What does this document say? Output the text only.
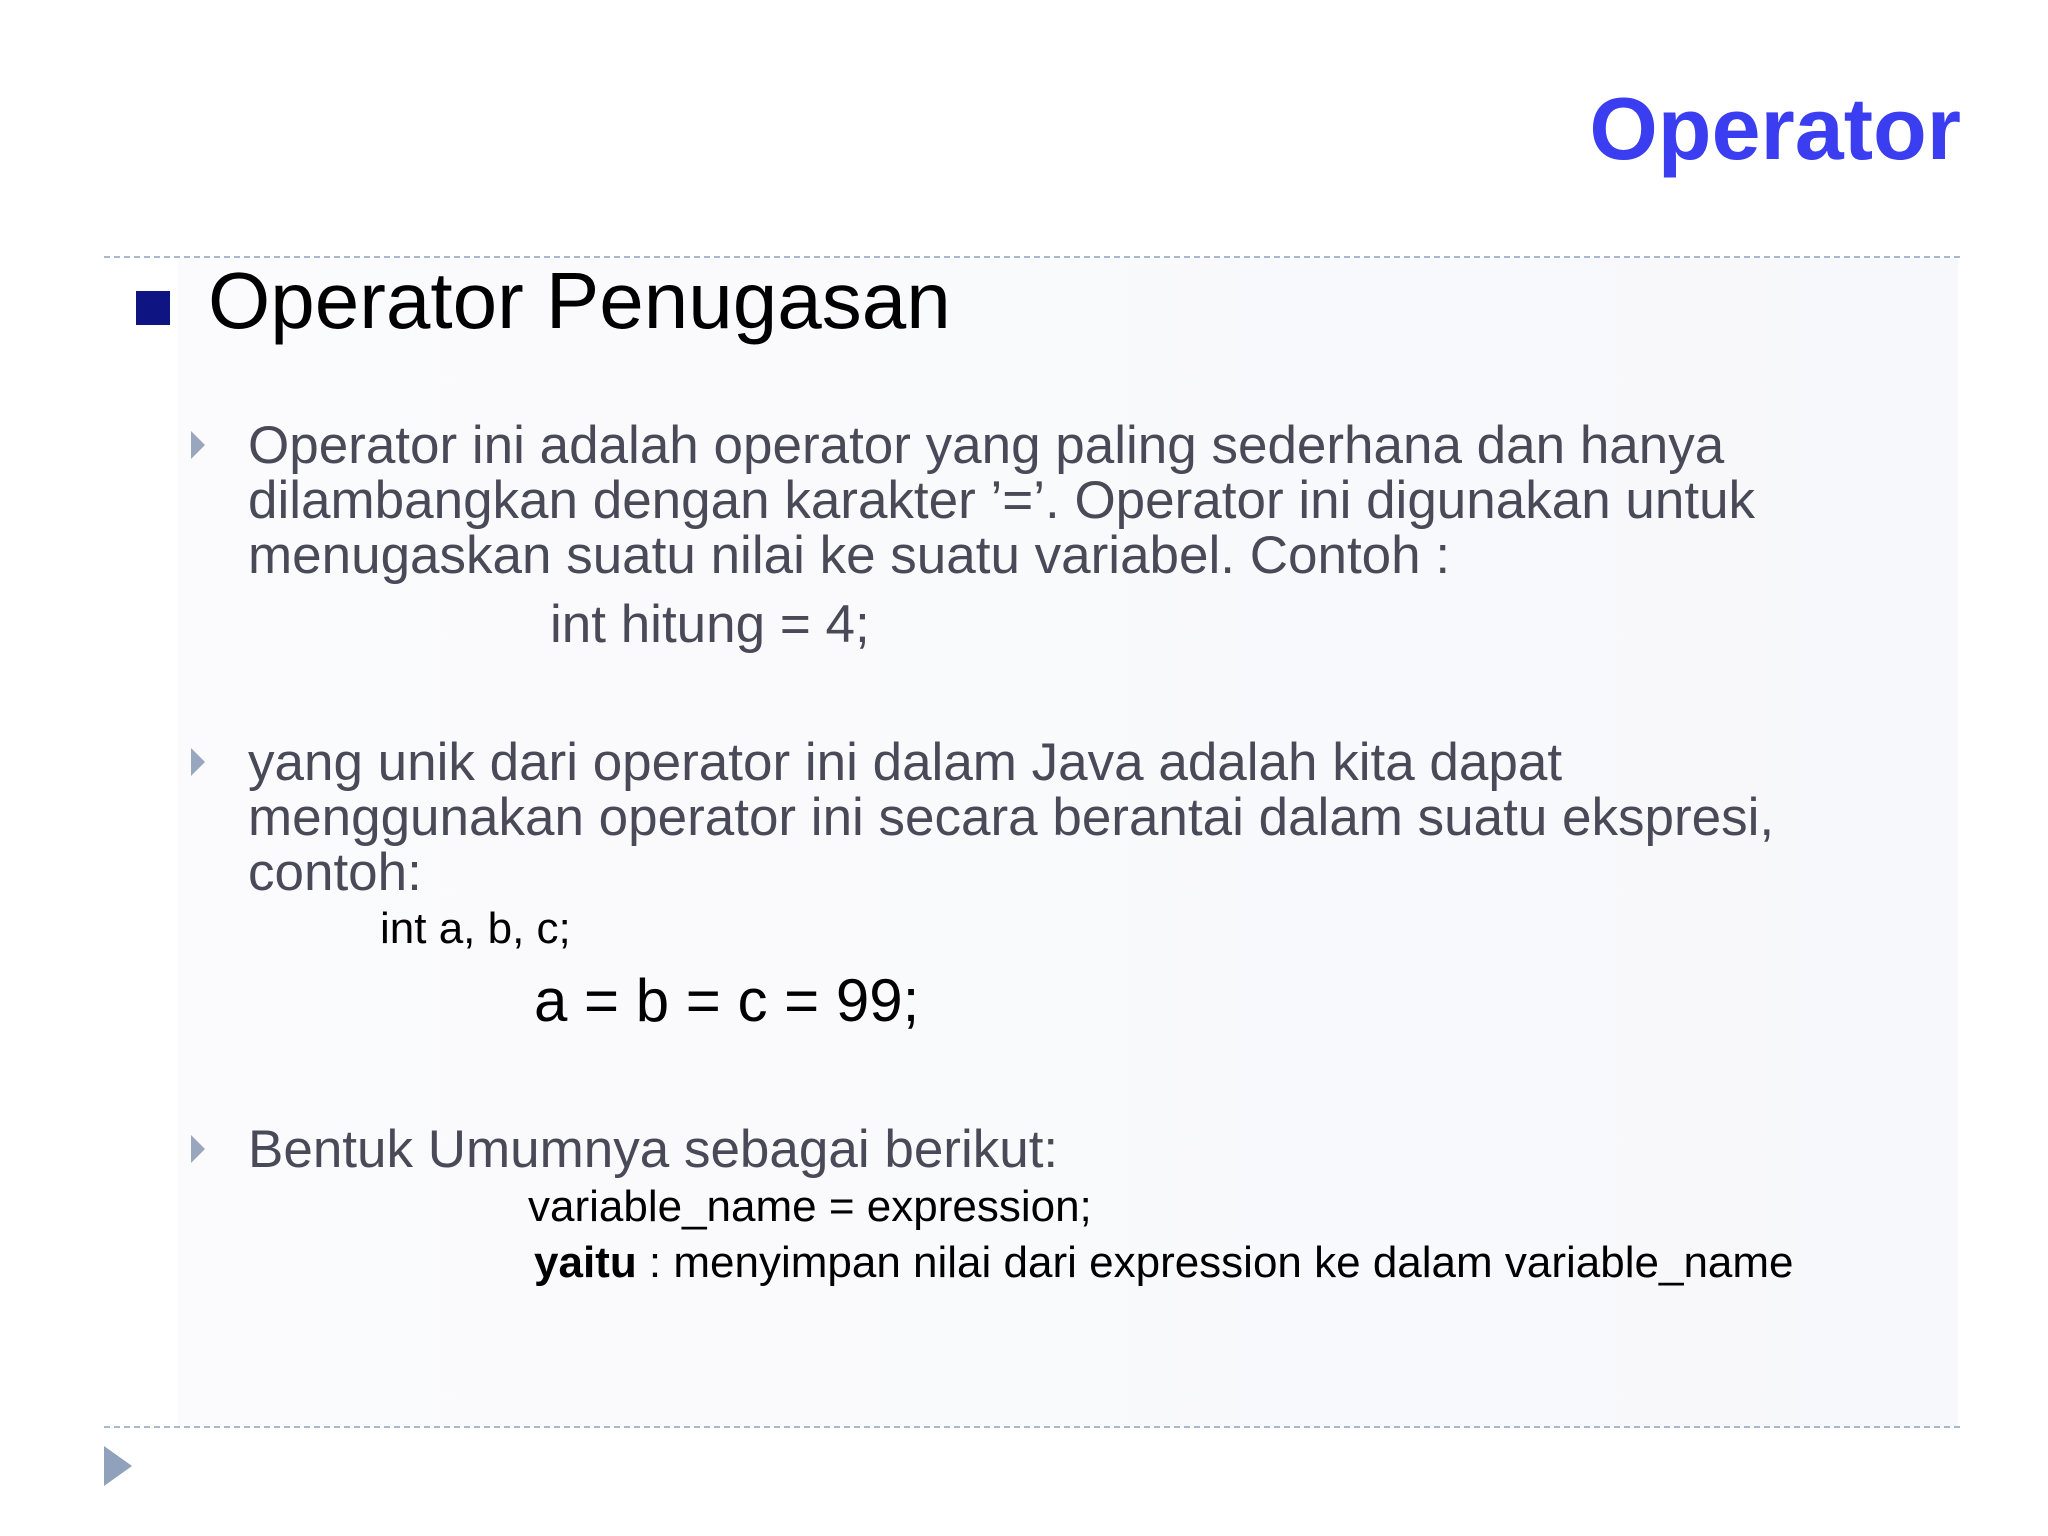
Operator
Operator Penugasan
Operator ini adalah operator yang paling sederhana dan hanya
dilambangkan dengan karakter ’=’. Operator ini digunakan untuk
menugaskan suatu nilai ke suatu variabel. Contoh :
int hitung = 4;
yang unik dari operator ini dalam Java adalah kita dapat
menggunakan operator ini secara berantai dalam suatu ekspresi,
contoh:
int a, b, c;
a = b = c = 99;
Bentuk Umumnya sebagai berikut:
variable_name = expression;
yaitu : menyimpan nilai dari expression ke dalam variable_name
